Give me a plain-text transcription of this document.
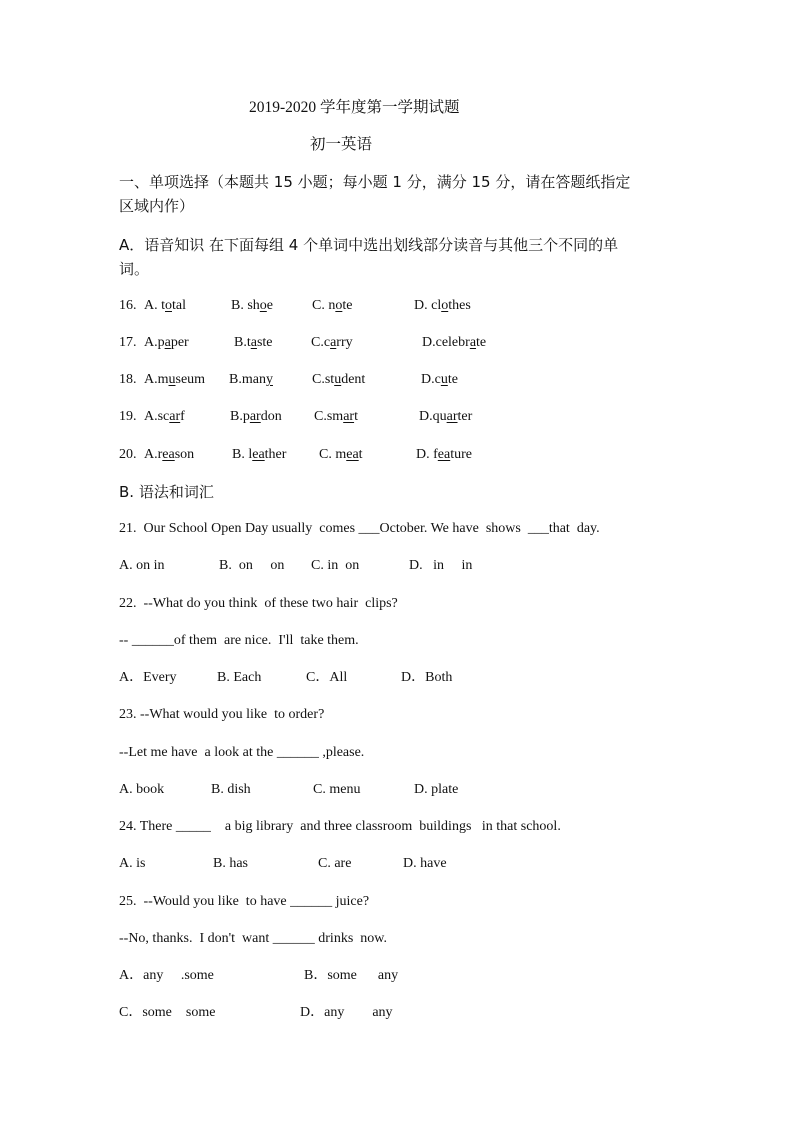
2019-2020 学年度第一学期试题
初一英语
一、单项选择（本题共 15 小题；每小题 1 分，满分 15 分，请在答题纸指定
区域内作）
A．语音知识 在下面每组 4 个单词中选出划线部分读音与其他三个不同的单
词。
16. A. total	B. shoe	C. note	D. clothes
17. A.paper	B.taste	C.carry	D.celebrate
18. A.museum B.many	C.student	D.cute
19. A.scarf	B.pardon C.smart	D.quarter
20. A.reason	B. leather C. meat	D. feature
B. 语法和词汇
21.  Our School Open Day usually  comes ___October. We have  shows  ___that  day.
A. on in	B.  on     on C. in  on	D.   in     in
22.  --What do you think  of these two hair  clips?
-- ______of them  are nice.  I'll  take them.
A．Every	B. Each	C．All	D．Both
23. --What would you like  to order?
--Let me have  a look at the ______ ,please.
A. book	B. dish	C. menu	D. plate
24. There _____    a big library  and three classroom  buildings   in that school.
A. is	B. has	C. are	D. have
25.  --Would you like  to have ______ juice?
--No, thanks.  I don't  want ______ drinks  now.
A．any     .some	B．some      any
C．some    some	D．any        any
